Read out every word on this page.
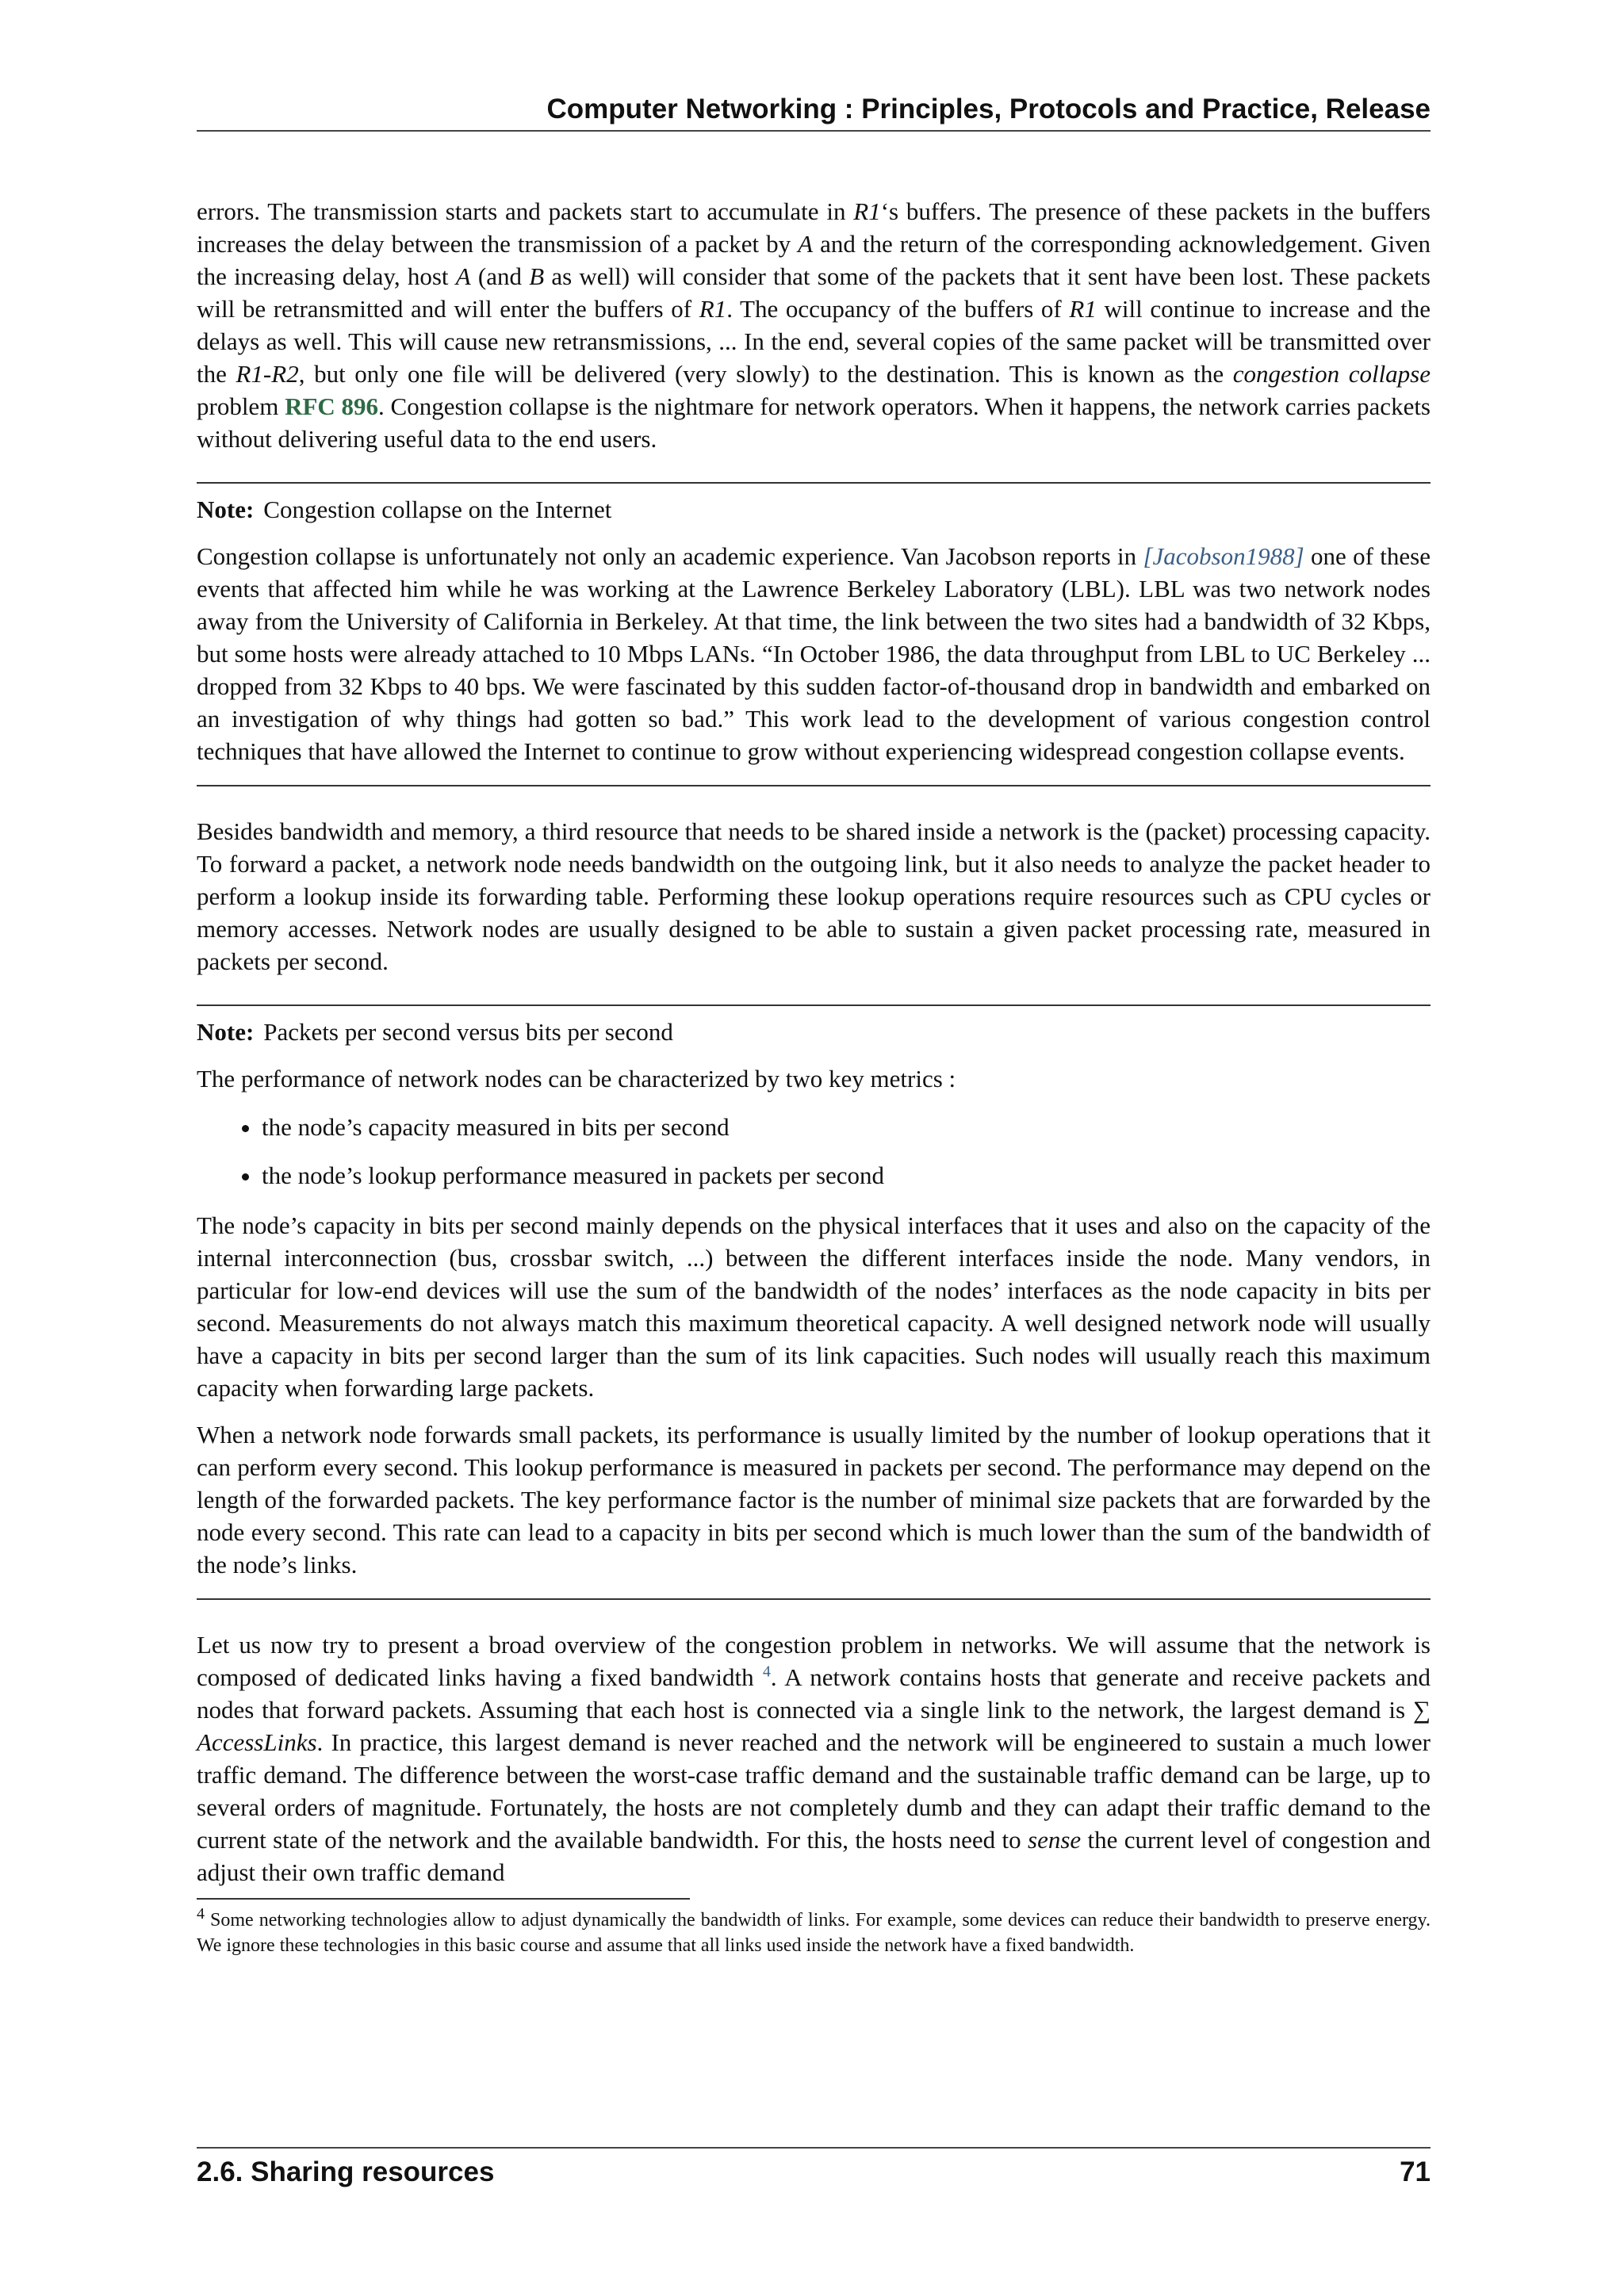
Computer Networking : Principles, Protocols and Practice, Release

errors. The transmission starts and packets start to accumulate in R1‘s buffers. The presence of these packets in the buffers increases the delay between the transmission of a packet by A and the return of the corresponding acknowledgement. Given the increasing delay, host A (and B as well) will consider that some of the packets that it sent have been lost. These packets will be retransmitted and will enter the buffers of R1. The occupancy of the buffers of R1 will continue to increase and the delays as well. This will cause new retransmissions, ... In the end, several copies of the same packet will be transmitted over the R1-R2, but only one file will be delivered (very slowly) to the destination. This is known as the congestion collapse problem RFC 896. Congestion collapse is the nightmare for network operators. When it happens, the network carries packets without delivering useful data to the end users.

Note: Congestion collapse on the Internet

Congestion collapse is unfortunately not only an academic experience. Van Jacobson reports in [Jacobson1988] one of these events that affected him while he was working at the Lawrence Berkeley Laboratory (LBL). LBL was two network nodes away from the University of California in Berkeley. At that time, the link between the two sites had a bandwidth of 32 Kbps, but some hosts were already attached to 10 Mbps LANs. “In October 1986, the data throughput from LBL to UC Berkeley ... dropped from 32 Kbps to 40 bps. We were fascinated by this sudden factor-of-thousand drop in bandwidth and embarked on an investigation of why things had gotten so bad.” This work lead to the development of various congestion control techniques that have allowed the Internet to continue to grow without experiencing widespread congestion collapse events.

Besides bandwidth and memory, a third resource that needs to be shared inside a network is the (packet) processing capacity. To forward a packet, a network node needs bandwidth on the outgoing link, but it also needs to analyze the packet header to perform a lookup inside its forwarding table. Performing these lookup operations require resources such as CPU cycles or memory accesses. Network nodes are usually designed to be able to sustain a given packet processing rate, measured in packets per second.

Note: Packets per second versus bits per second

The performance of network nodes can be characterized by two key metrics :

• the node’s capacity measured in bits per second
• the node’s lookup performance measured in packets per second

The node’s capacity in bits per second mainly depends on the physical interfaces that it uses and also on the capacity of the internal interconnection (bus, crossbar switch, ...) between the different interfaces inside the node. Many vendors, in particular for low-end devices will use the sum of the bandwidth of the nodes’ interfaces as the node capacity in bits per second. Measurements do not always match this maximum theoretical capacity. A well designed network node will usually have a capacity in bits per second larger than the sum of its link capacities. Such nodes will usually reach this maximum capacity when forwarding large packets.

When a network node forwards small packets, its performance is usually limited by the number of lookup operations that it can perform every second. This lookup performance is measured in packets per second. The performance may depend on the length of the forwarded packets. The key performance factor is the number of minimal size packets that are forwarded by the node every second. This rate can lead to a capacity in bits per second which is much lower than the sum of the bandwidth of the node’s links.

Let us now try to present a broad overview of the congestion problem in networks. We will assume that the network is composed of dedicated links having a fixed bandwidth $^4$. A network contains hosts that generate and receive packets and nodes that forward packets. Assuming that each host is connected via a single link to the network, the largest demand is ∑ AccessLinks. In practice, this largest demand is never reached and the network will be engineered to sustain a much lower traffic demand. The difference between the worst-case traffic demand and the sustainable traffic demand can be large, up to several orders of magnitude. Fortunately, the hosts are not completely dumb and they can adapt their traffic demand to the current state of the network and the available bandwidth. For this, the hosts need to sense the current level of congestion and adjust their own traffic demand

$^4$ Some networking technologies allow to adjust dynamically the bandwidth of links. For example, some devices can reduce their bandwidth to preserve energy. We ignore these technologies in this basic course and assume that all links used inside the network have a fixed bandwidth.

2.6. Sharing resources	71
